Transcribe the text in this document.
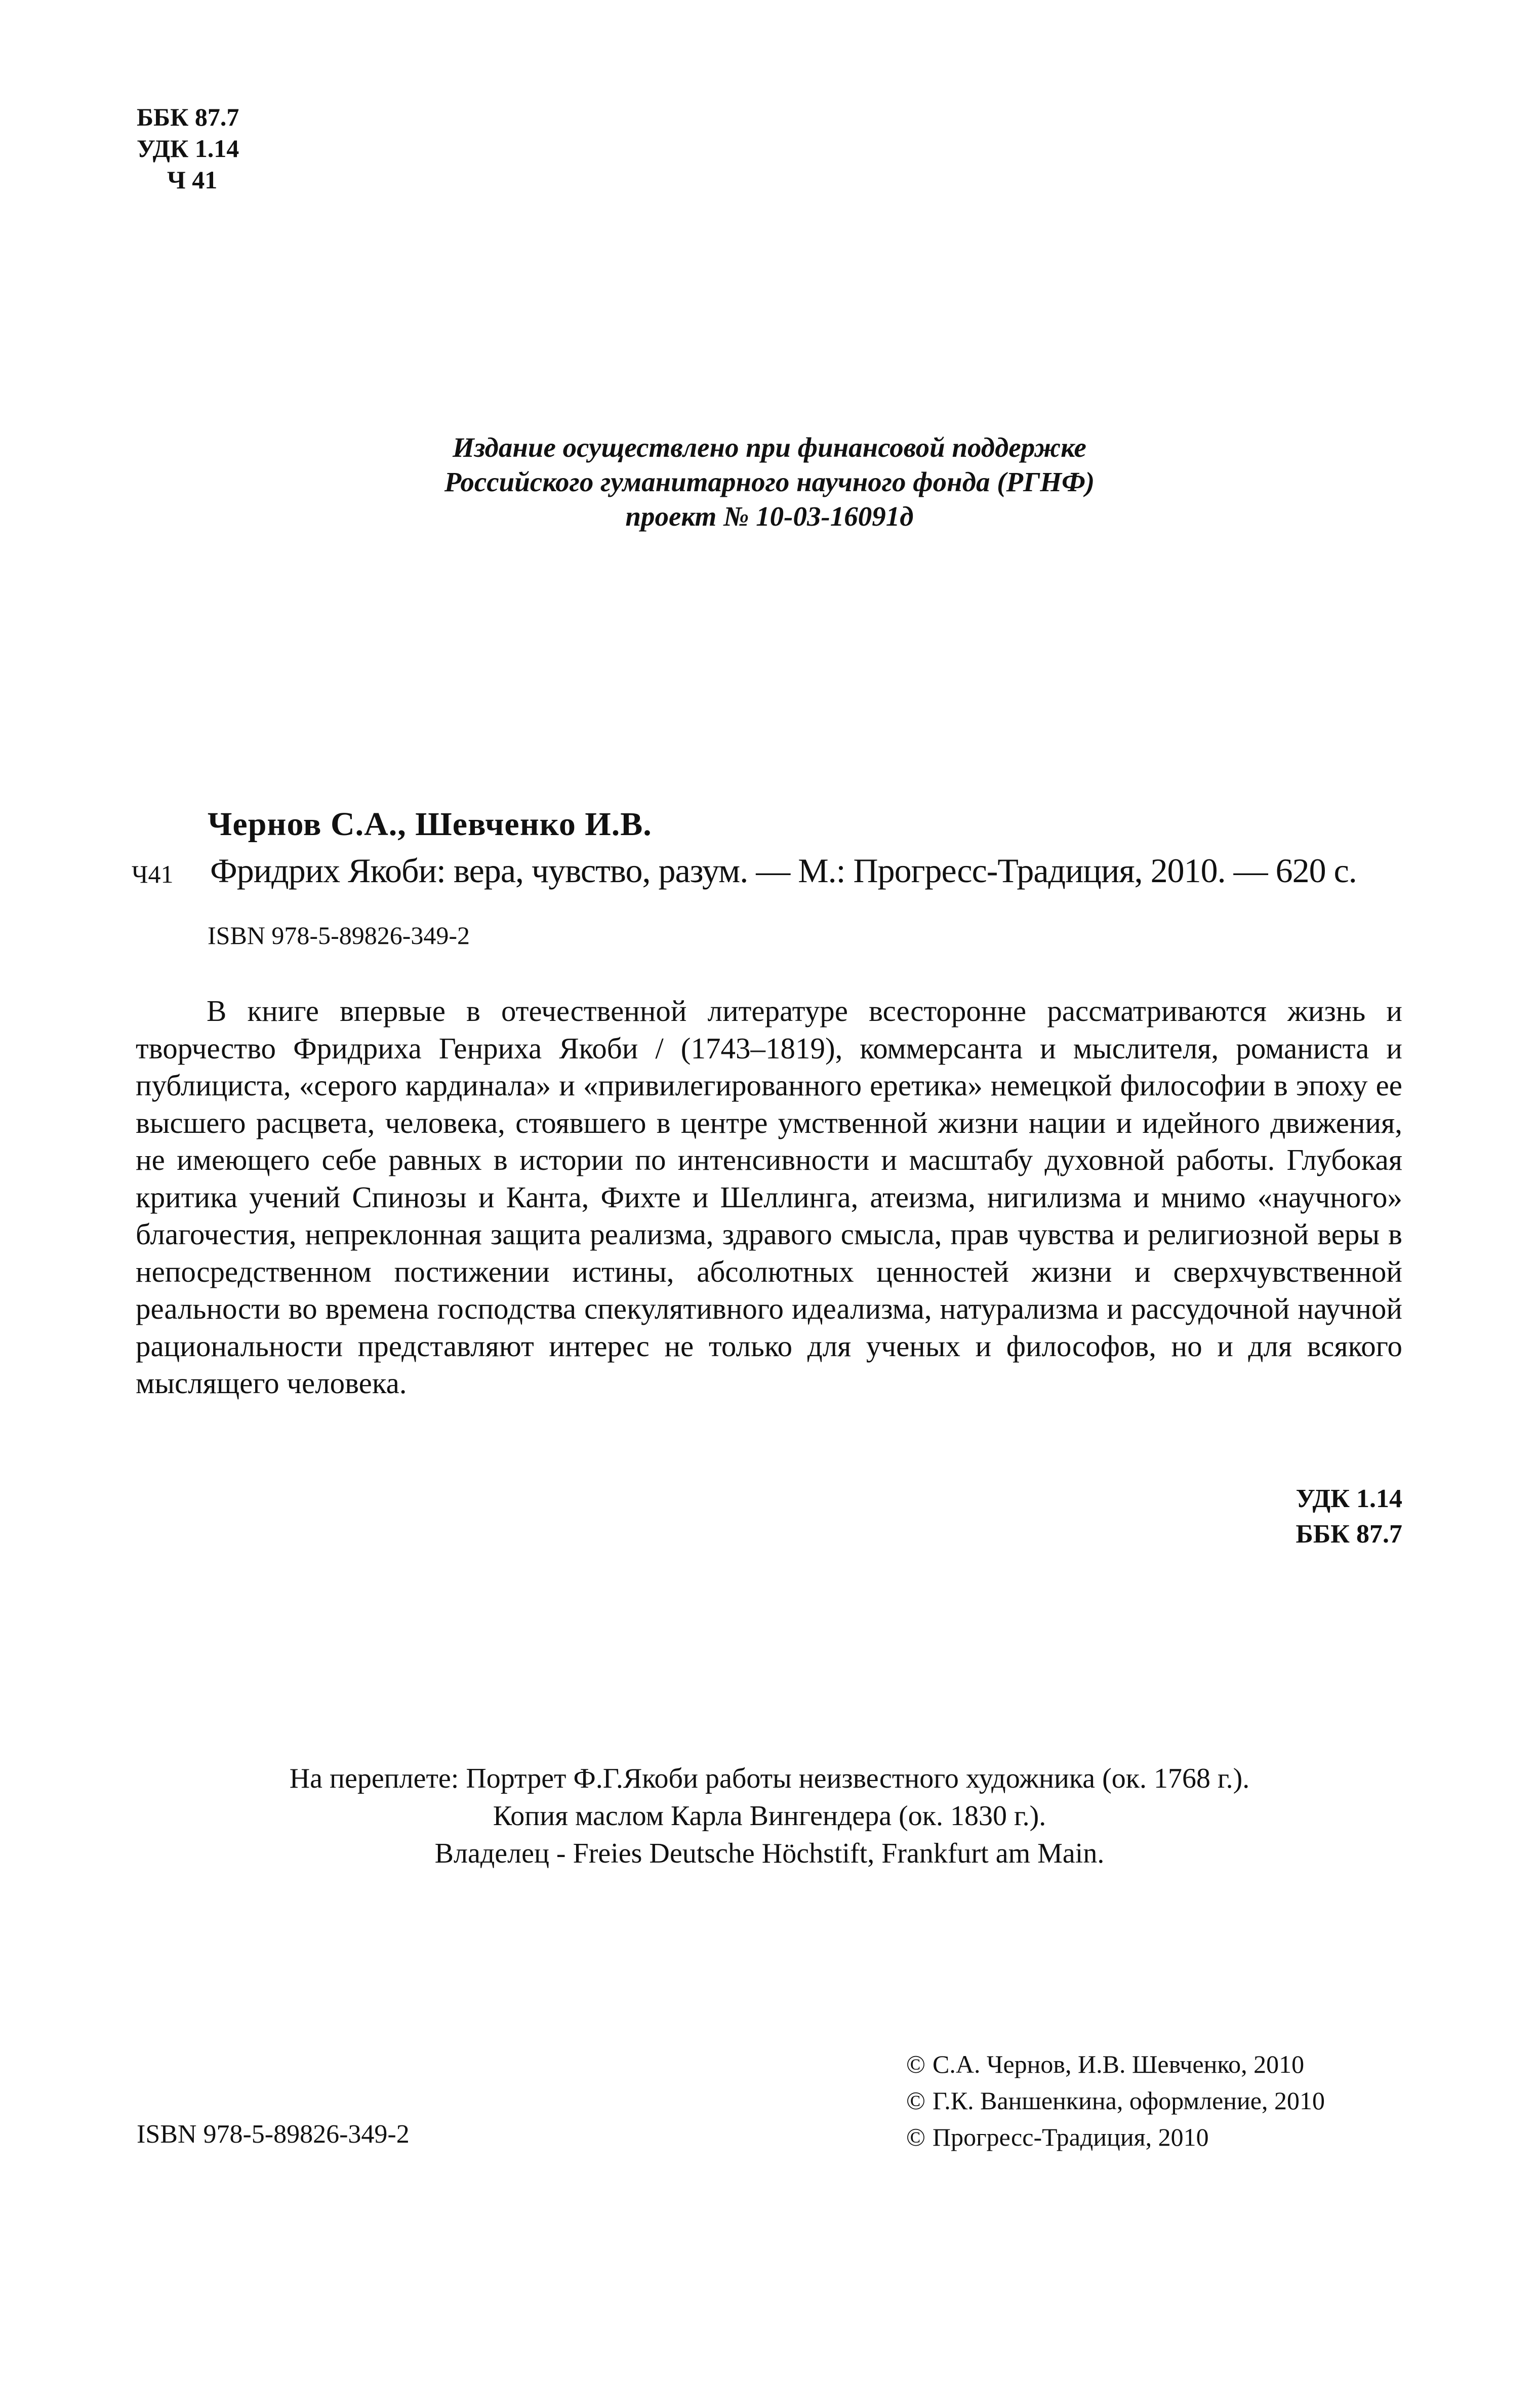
ББК 87.7
УДК 1.14
Ч 41
Издание осуществлено при финансовой поддержке
Российского гуманитарного научного фонда (РГНФ)
проект № 10-03-16091д
Чернов С.А., Шевченко И.В.
Ч41 Фридрих Якоби: вера, чувство, разум. — М.: Прогресс-Традиция, 2010. — 620 с.
ISBN 978-5-89826-349-2
В книге впервые в отечественной литературе всесторонне рассматриваются жизнь и творчество Фридриха Генриха Якоби / (1743–1819), коммерсанта и мыслителя, романиста и публициста, «серого кардинала» и «привилегированного еретика» немецкой философии в эпоху ее высшего расцвета, человека, стоявшего в центре умственной жизни нации и идейного движения, не имеющего себе равных в истории по интенсивности и масштабу духовной работы. Глубокая критика учений Спинозы и Канта, Фихте и Шеллинга, атеизма, нигилизма и мнимо «научного» благочестия, непреклонная защита реализма, здравого смысла, прав чувства и религиозной веры в непосредственном постижении истины, абсолютных ценностей жизни и сверхчувственной реальности во времена господства спекулятивного идеализма, натурализма и рассудочной научной рациональности представляют интерес не только для ученых и философов, но и для всякого мыслящего человека.
УДК 1.14
ББК 87.7
На переплете: Портрет Ф.Г.Якоби работы неизвестного художника (ок. 1768 г.).
Копия маслом Карла Вингендера (ок. 1830 г.).
Владелец - Freies Deutsche Höchstift, Frankfurt am Main.
© С.А. Чернов, И.В. Шевченко, 2010
© Г.К. Ваншенкина, оформление, 2010
© Прогресс-Традиция, 2010
ISBN 978-5-89826-349-2
